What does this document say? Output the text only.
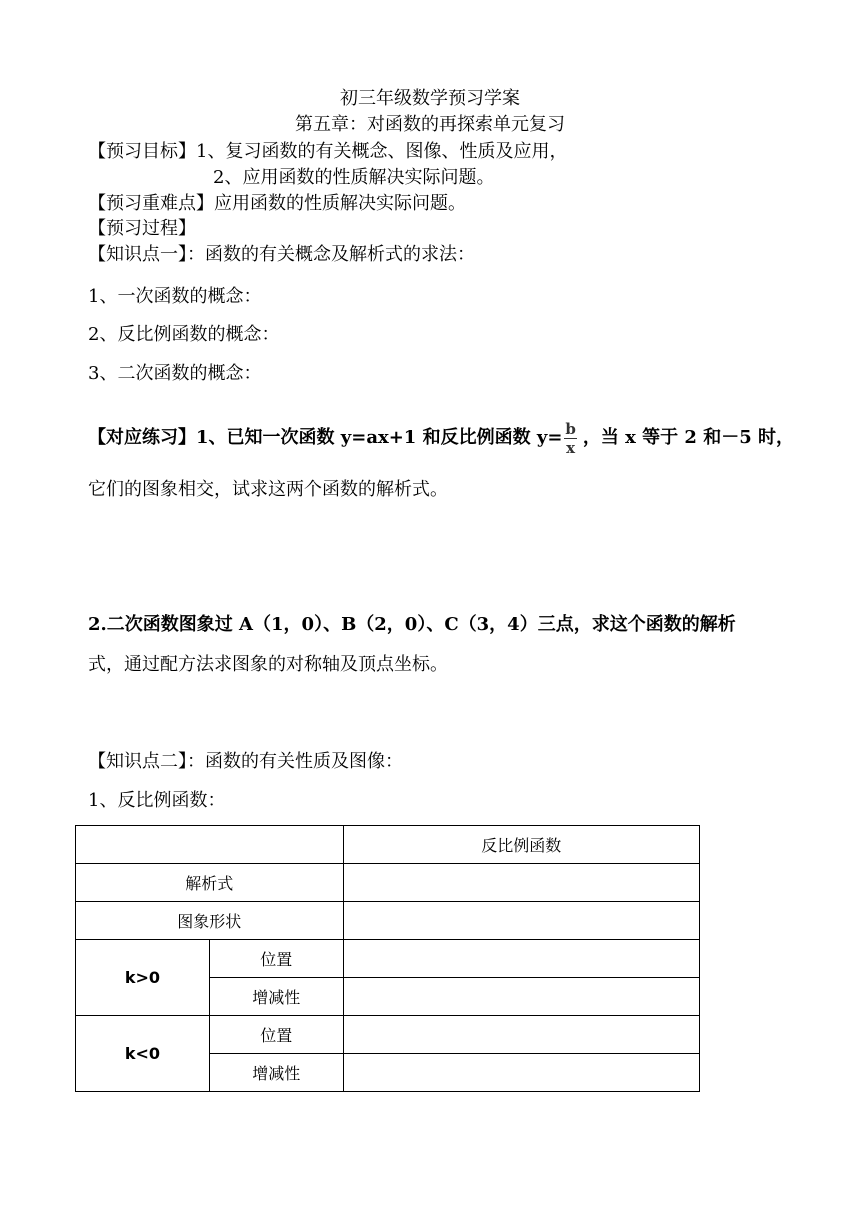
初三年级数学预习学案
第五章：对函数的再探索单元复习
【预习目标】1、复习函数的有关概念、图像、性质及应用，
2、应用函数的性质解决实际问题。
【预习重难点】应用函数的性质解决实际问题。
【预习过程】
【知识点一】：函数的有关概念及解析式的求法：
1、一次函数的概念：
2、反比例函数的概念：
3、二次函数的概念：
【对应练习】1、已知一次函数 y=ax+1 和反比例函数 $y= \frac{b}{x}$ ，当 x 等于 2 和－5 时，
它们的图象相交，试求这两个函数的解析式。
2.二次函数图象过 A（1，0）、B（2，0）、C（3，4）三点，求这个函数的解析
式，通过配方法求图象的对称轴及顶点坐标。
【知识点二】：函数的有关性质及图像：
1、反比例函数：
		反比例函数
解析式		
图象形状		
k>0	位置	
	增减性	
k<0	位置	
	增减性	
